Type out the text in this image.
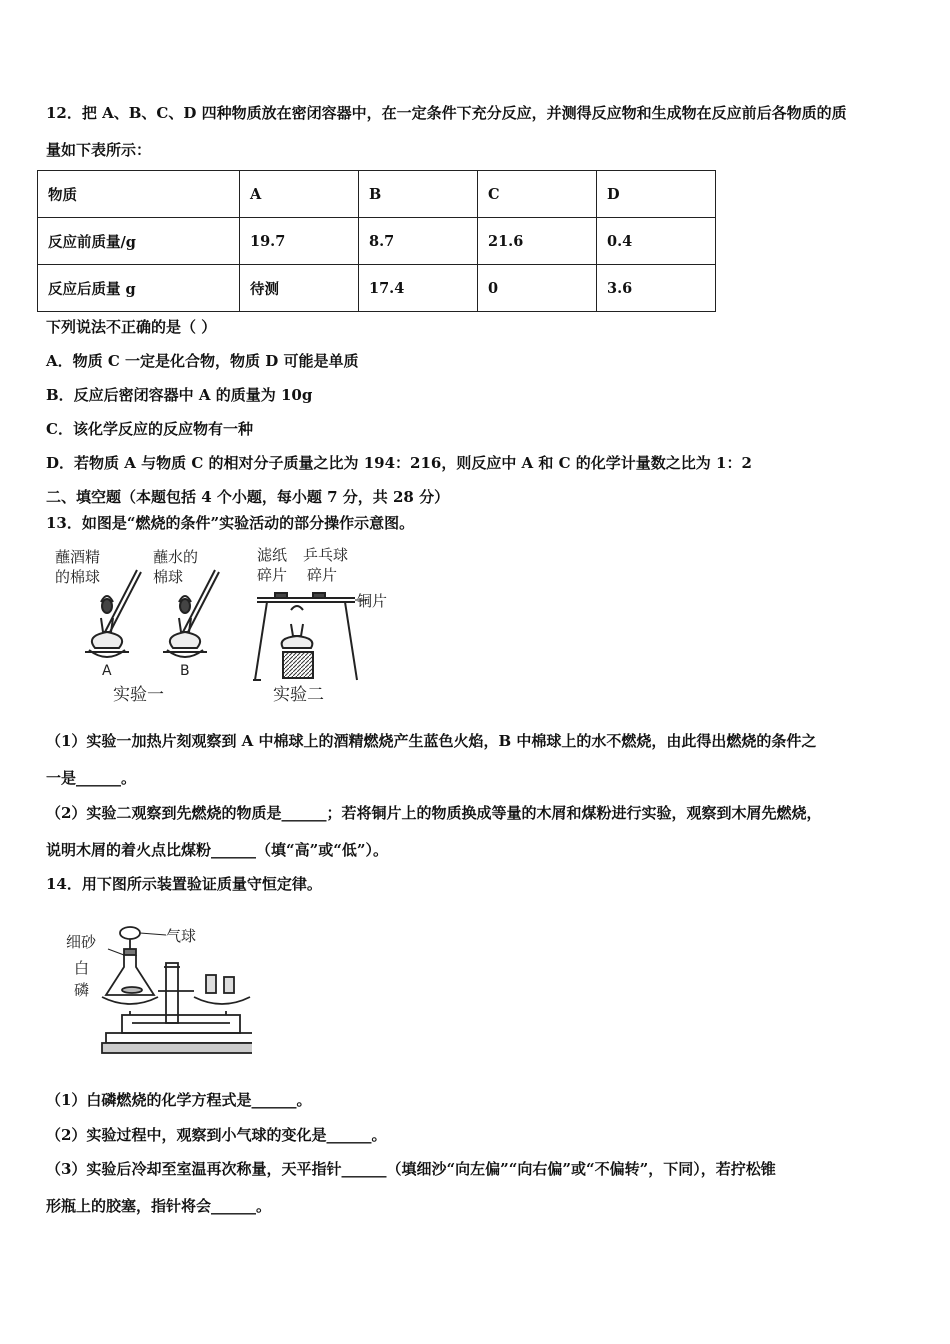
12．把 A、B、C、D 四种物质放在密闭容器中，在一定条件下充分反应，并测得反应物和生成物在反应前后各物质的质
量如下表所示：
物质	A	B	C	D
反应前质量/g	19.7	8.7	21.6	0.4
反应后质量 g	待测	17.4	0	3.6
下列说法不正确的是（ ）
A．物质 C 一定是化合物，物质 D 可能是单质
B．反应后密闭容器中 A 的质量为 10g
C．该化学反应的反应物有一种
D．若物质 A 与物质 C 的相对分子质量之比为 194：216，则反应中 A 和 C 的化学计量数之比为 1：2
二、填空题（本题包括 4 个小题，每小题 7 分，共 28 分）
13．如图是“燃烧的条件”实验活动的部分操作示意图。
蘸酒精
的棉球
蘸水的
棉球
A	B
实验一
滤纸
碎片
乒乓球
碎片
铜片
实验二
（1）实验一加热片刻观察到 A 中棉球上的酒精燃烧产生蓝色火焰，B 中棉球上的水不燃烧，由此得出燃烧的条件之
一是______。
（2）实验二观察到先燃烧的物质是______；若将铜片上的物质换成等量的木屑和煤粉进行实验，观察到木屑先燃烧，
说明木屑的着火点比煤粉______（填“高”或“低”）。
14．用下图所示装置验证质量守恒定律。
细砂	气球
白
磷
（1）白磷燃烧的化学方程式是______。
（2）实验过程中，观察到小气球的变化是______。
（3）实验后冷却至室温再次称量，天平指针______（填细沙“向左偏”“向右偏”或“不偏转”，下同），若拧松锥
形瓶上的胶塞，指针将会______。
